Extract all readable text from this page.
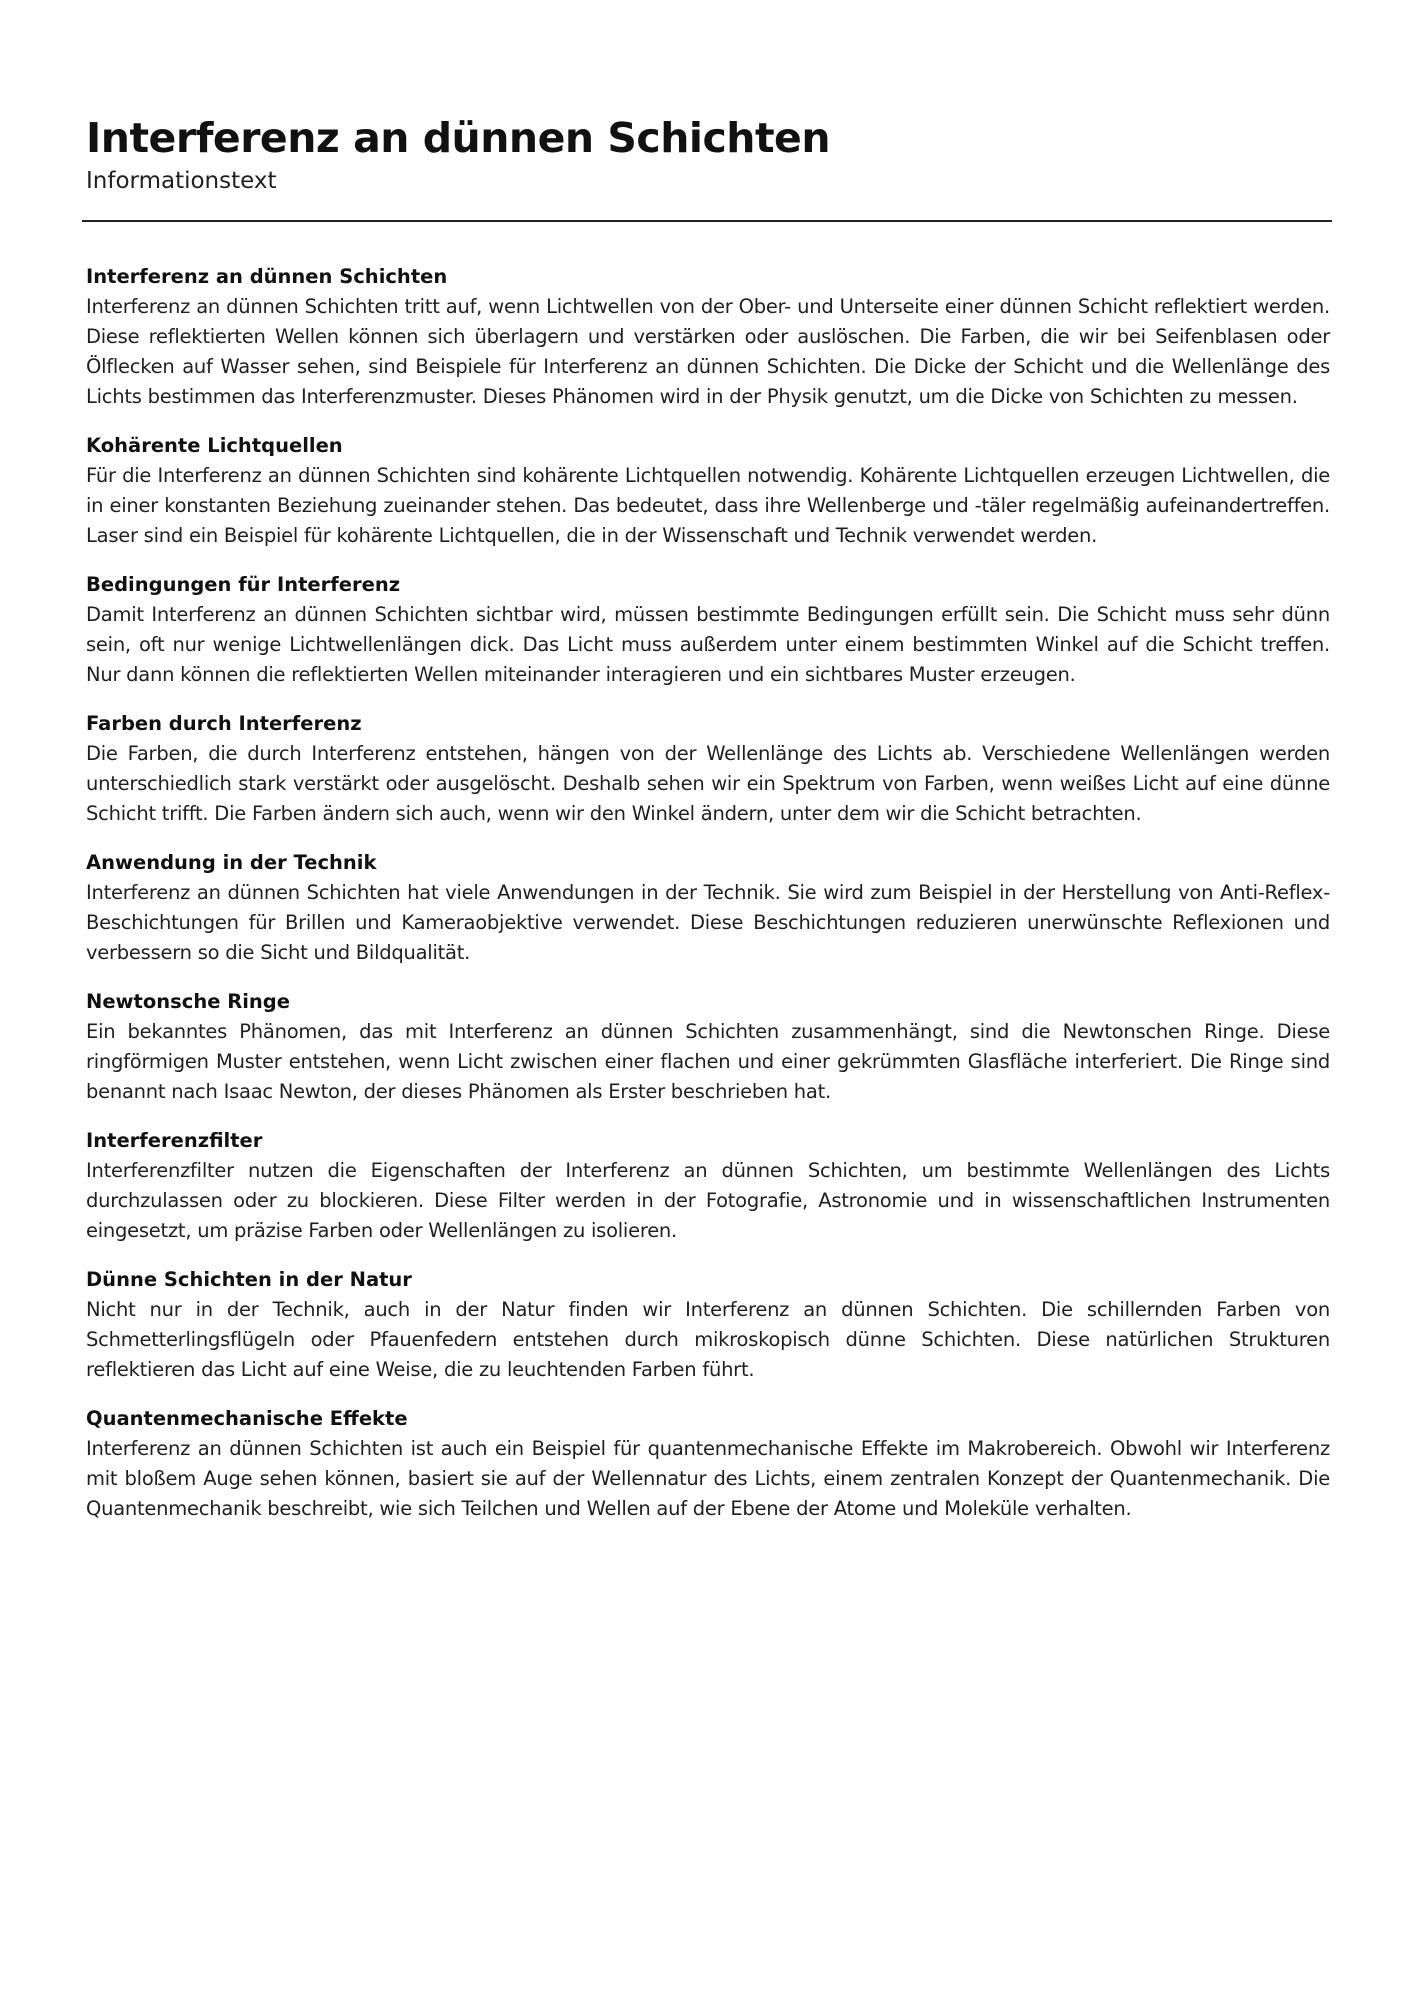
Interferenz an dünnen Schichten

Informationstext

Interferenz an dünnen Schichten

Interferenz an dünnen Schichten tritt auf, wenn Lichtwellen von der Ober- und Unterseite einer dünnen Schicht reflektiert werden. Diese reflektierten Wellen können sich überlagern und verstärken oder auslöschen. Die Farben, die wir bei Seifenblasen oder Ölflecken auf Wasser sehen, sind Beispiele für Interferenz an dünnen Schichten. Die Dicke der Schicht und die Wellenlänge des Lichts bestimmen das Interferenzmuster. Dieses Phänomen wird in der Physik genutzt, um die Dicke von Schichten zu messen.

Kohärente Lichtquellen

Für die Interferenz an dünnen Schichten sind kohärente Lichtquellen notwendig. Kohärente Lichtquellen erzeugen Lichtwellen, die in einer konstanten Beziehung zueinander stehen. Das bedeutet, dass ihre Wellenberge und -täler regelmäßig aufeinandertreffen. Laser sind ein Beispiel für kohärente Lichtquellen, die in der Wissenschaft und Technik verwendet werden.

Bedingungen für Interferenz

Damit Interferenz an dünnen Schichten sichtbar wird, müssen bestimmte Bedingungen erfüllt sein. Die Schicht muss sehr dünn sein, oft nur wenige Lichtwellenlängen dick. Das Licht muss außerdem unter einem bestimmten Winkel auf die Schicht treffen. Nur dann können die reflektierten Wellen miteinander interagieren und ein sichtbares Muster erzeugen.

Farben durch Interferenz

Die Farben, die durch Interferenz entstehen, hängen von der Wellenlänge des Lichts ab. Verschiedene Wellenlängen werden unterschiedlich stark verstärkt oder ausgelöscht. Deshalb sehen wir ein Spektrum von Farben, wenn weißes Licht auf eine dünne Schicht trifft. Die Farben ändern sich auch, wenn wir den Winkel ändern, unter dem wir die Schicht betrachten.

Anwendung in der Technik

Interferenz an dünnen Schichten hat viele Anwendungen in der Technik. Sie wird zum Beispiel in der Herstellung von Anti-Reflex-Beschichtungen für Brillen und Kameraobjektive verwendet. Diese Beschichtungen reduzieren unerwünschte Reflexionen und verbessern so die Sicht und Bildqualität.

Newtonsche Ringe

Ein bekanntes Phänomen, das mit Interferenz an dünnen Schichten zusammenhängt, sind die Newtonschen Ringe. Diese ringförmigen Muster entstehen, wenn Licht zwischen einer flachen und einer gekrümmten Glasfläche interferiert. Die Ringe sind benannt nach Isaac Newton, der dieses Phänomen als Erster beschrieben hat.

Interferenzfilter

Interferenzfilter nutzen die Eigenschaften der Interferenz an dünnen Schichten, um bestimmte Wellenlängen des Lichts durchzulassen oder zu blockieren. Diese Filter werden in der Fotografie, Astronomie und in wissenschaftlichen Instrumenten eingesetzt, um präzise Farben oder Wellenlängen zu isolieren.

Dünne Schichten in der Natur

Nicht nur in der Technik, auch in der Natur finden wir Interferenz an dünnen Schichten. Die schillernden Farben von Schmetterlingsflügeln oder Pfauenfedern entstehen durch mikroskopisch dünne Schichten. Diese natürlichen Strukturen reflektieren das Licht auf eine Weise, die zu leuchtenden Farben führt.

Quantenmechanische Effekte

Interferenz an dünnen Schichten ist auch ein Beispiel für quantenmechanische Effekte im Makrobereich. Obwohl wir Interferenz mit bloßem Auge sehen können, basiert sie auf der Wellennatur des Lichts, einem zentralen Konzept der Quantenmechanik. Die Quantenmechanik beschreibt, wie sich Teilchen und Wellen auf der Ebene der Atome und Moleküle verhalten.
